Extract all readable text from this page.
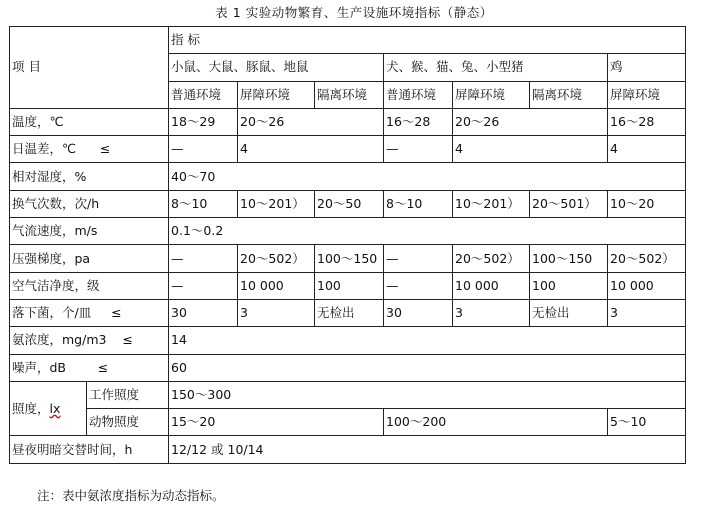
表 1 实验动物繁育、生产设施环境指标（静态）
项 目		指 标						
		小鼠、大鼠、豚鼠、地鼠			犬、猴、猫、兔、小型猪			鸡
		普通环境	屏障环境	隔离环境	普通环境	屏障环境	隔离环境	屏障环境
温度，℃		18～29	20～26		16～28	20～26		16～28
日温差，℃      ≤		—	4		—	4		4
相对湿度，%		40～70						
换气次数，次/h		8～10	10～201）	20～50	8～10	10～201）	20～501）	10～20
气流速度，m/s		0.1～0.2						
压强梯度，pa		—	20～502）	100～150	—	20～502）	100～150	20～502）
空气洁净度，级		—	10 000	100	—	10 000	100	10 000
落下菌，个/皿     ≤		30	3	无检出	30	3	无检出	3
氨浓度，mg/m3    ≤		14						
噪声，dB        ≤		60						
照度，lx	工作照度	150～300						
	动物照度	15～20			100～200			5～10
昼夜明暗交替时间，h		12/12 或 10/14						
注：表中氨浓度指标为动态指标。
